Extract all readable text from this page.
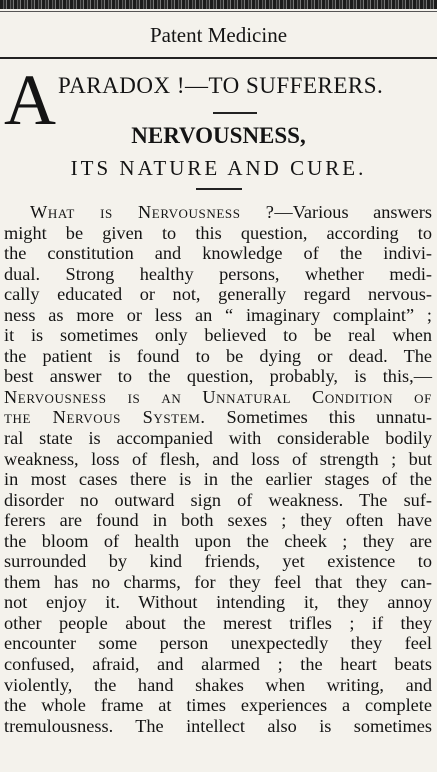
Patent Medicine
A PARADOX !—TO SUFFERERS.
NERVOUSNESS,
ITS NATURE AND CURE.
What is Nervousness ?—Various answers
might be given to this question, according to
the constitution and knowledge of the indivi-
dual. Strong healthy persons, whether medi-
cally educated or not, generally regard nervous-
ness as more or less an “ imaginary complaint” ;
it is sometimes only believed to be real when
the patient is found to be dying or dead. The
best answer to the question, probably, is this,—
Nervousness is an Unnatural Condition of
the Nervous System. Sometimes this unnatu-
ral state is accompanied with considerable bodily
weakness, loss of flesh, and loss of strength ; but
in most cases there is in the earlier stages of the
disorder no outward sign of weakness. The suf-
ferers are found in both sexes ; they often have
the bloom of health upon the cheek ; they are
surrounded by kind friends, yet existence to
them has no charms, for they feel that they can-
not enjoy it. Without intending it, they annoy
other people about the merest trifles ; if they
encounter some person unexpectedly they feel
confused, afraid, and alarmed ; the heart beats
violently, the hand shakes when writing, and
the whole frame at times experiences a complete
tremulousness. The intellect also is sometimes
